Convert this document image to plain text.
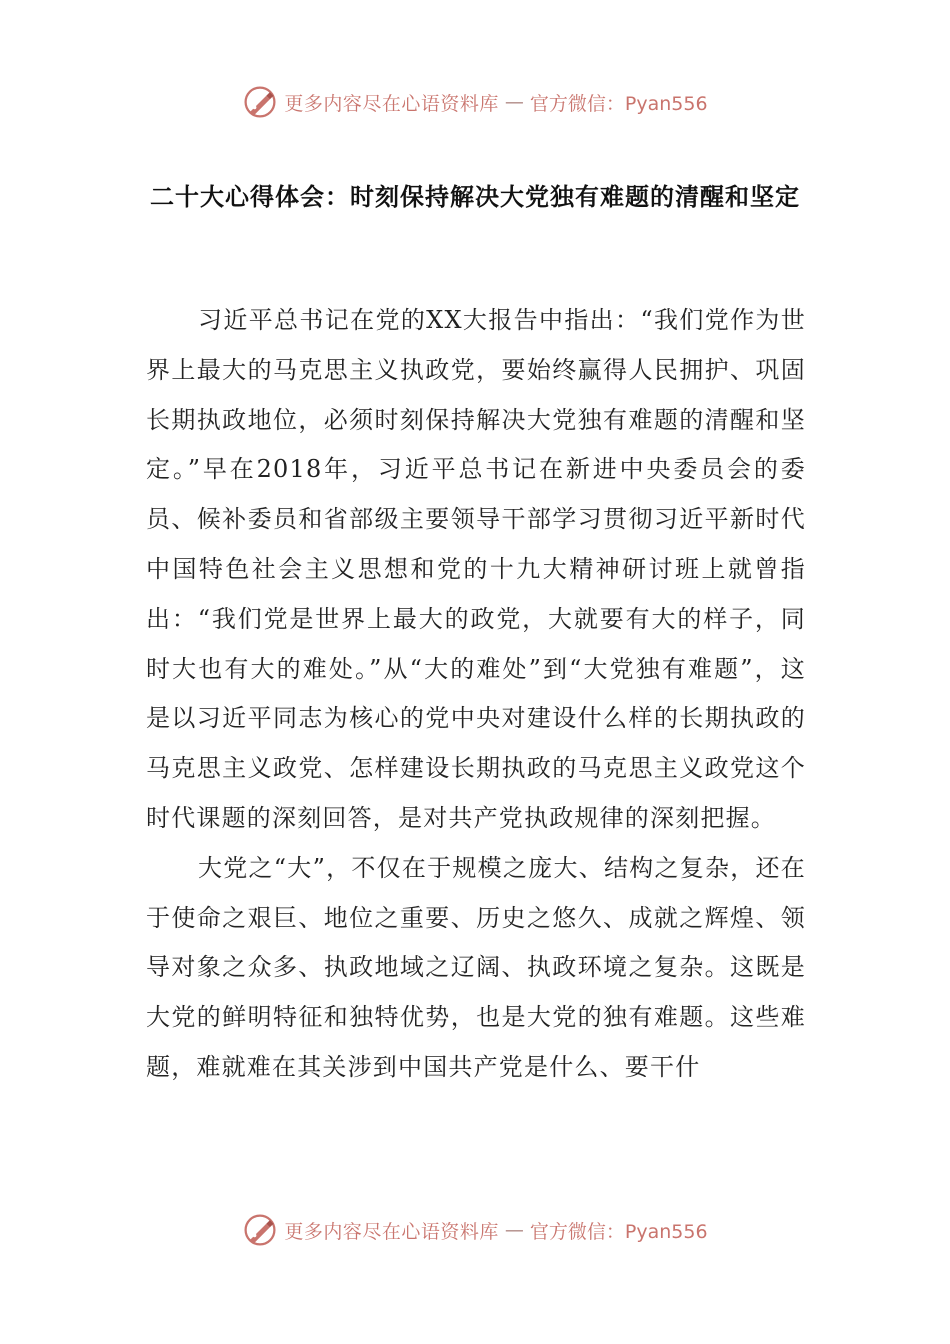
更多内容尽在心语资料库 — 官方微信：Pyan556
二十大心得体会：时刻保持解决大党独有难题的清醒和坚定

习近平总书记在党的XX大报告中指出：“我们党作为世界上最大的马克思主义执政党，要始终赢得人民拥护、巩固长期执政地位，必须时刻保持解决大党独有难题的清醒和坚定。”早在2018年，习近平总书记在新进中央委员会的委员、候补委员和省部级主要领导干部学习贯彻习近平新时代中国特色社会主义思想和党的十九大精神研讨班上就曾指出：“我们党是世界上最大的政党，大就要有大的样子，同时大也有大的难处。”从“大的难处”到“大党独有难题”，这是以习近平同志为核心的党中央对建设什么样的长期执政的马克思主义政党、怎样建设长期执政的马克思主义政党这个时代课题的深刻回答，是对共产党执政规律的深刻把握。

大党之“大”，不仅在于规模之庞大、结构之复杂，还在于使命之艰巨、地位之重要、历史之悠久、成就之辉煌、领导对象之众多、执政地域之辽阔、执政环境之复杂。这既是大党的鲜明特征和独特优势，也是大党的独有难题。这些难题，难就难在其关涉到中国共产党是什么、要干什

更多内容尽在心语资料库 — 官方微信：Pyan556
